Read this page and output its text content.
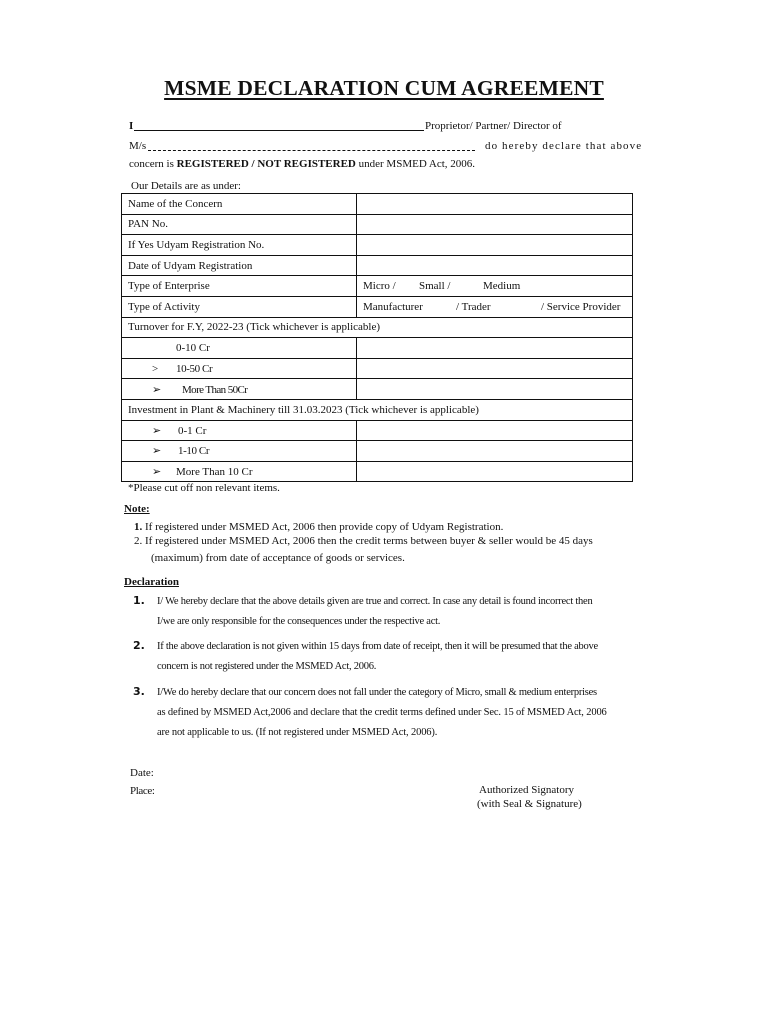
MSME DECLARATION CUM AGREEMENT
I	Proprietor/ Partner/ Director of
M/s	do hereby declare that above
concern is REGISTERED / NOT REGISTERED under MSMED Act, 2006.
Our Details are as under:
Name of the Concern	
PAN No.	
If Yes Udyam Registration No.	
Date of Udyam Registration	
Type of Enterprise	Micro / Small / Medium
Type of Activity	Manufacturer / Trader / Service Provider
Turnover for F.Y, 2022-23 (Tick whichever is applicable)	
0-10 Cr	
> 10-50 Cr	
➢ More Than 50Cr	
Investment in Plant & Machinery till 31.03.2023 (Tick whichever is applicable)	
➢ 0-1 Cr	
➢ 1-10 Cr	
➢ More Than 10 Cr	
*Please cut off non relevant items.
Note:
1. If registered under MSMED Act, 2006 then provide copy of Udyam Registration.
2. If registered under MSMED Act, 2006 then the credit terms between buyer & seller would be 45 days
(maximum) from date of acceptance of goods or services.
Declaration
1. I/ We hereby declare that the above details given are true and correct. In case any detail is found incorrect then
I/we are only responsible for the consequences under the respective act.
2. If the above declaration is not given within 15 days from date of receipt, then it will be presumed that the above
concern is not registered under the MSMED Act, 2006.
3. I/We do hereby declare that our concern does not fall under the category of Micro, small & medium enterprises
as defined by MSMED Act,2006 and declare that the credit terms defined under Sec. 15 of MSMED Act, 2006
are not applicable to us. (If not registered under MSMED Act, 2006).
Date:
Place:	Authorized Signatory
(with Seal & Signature)
